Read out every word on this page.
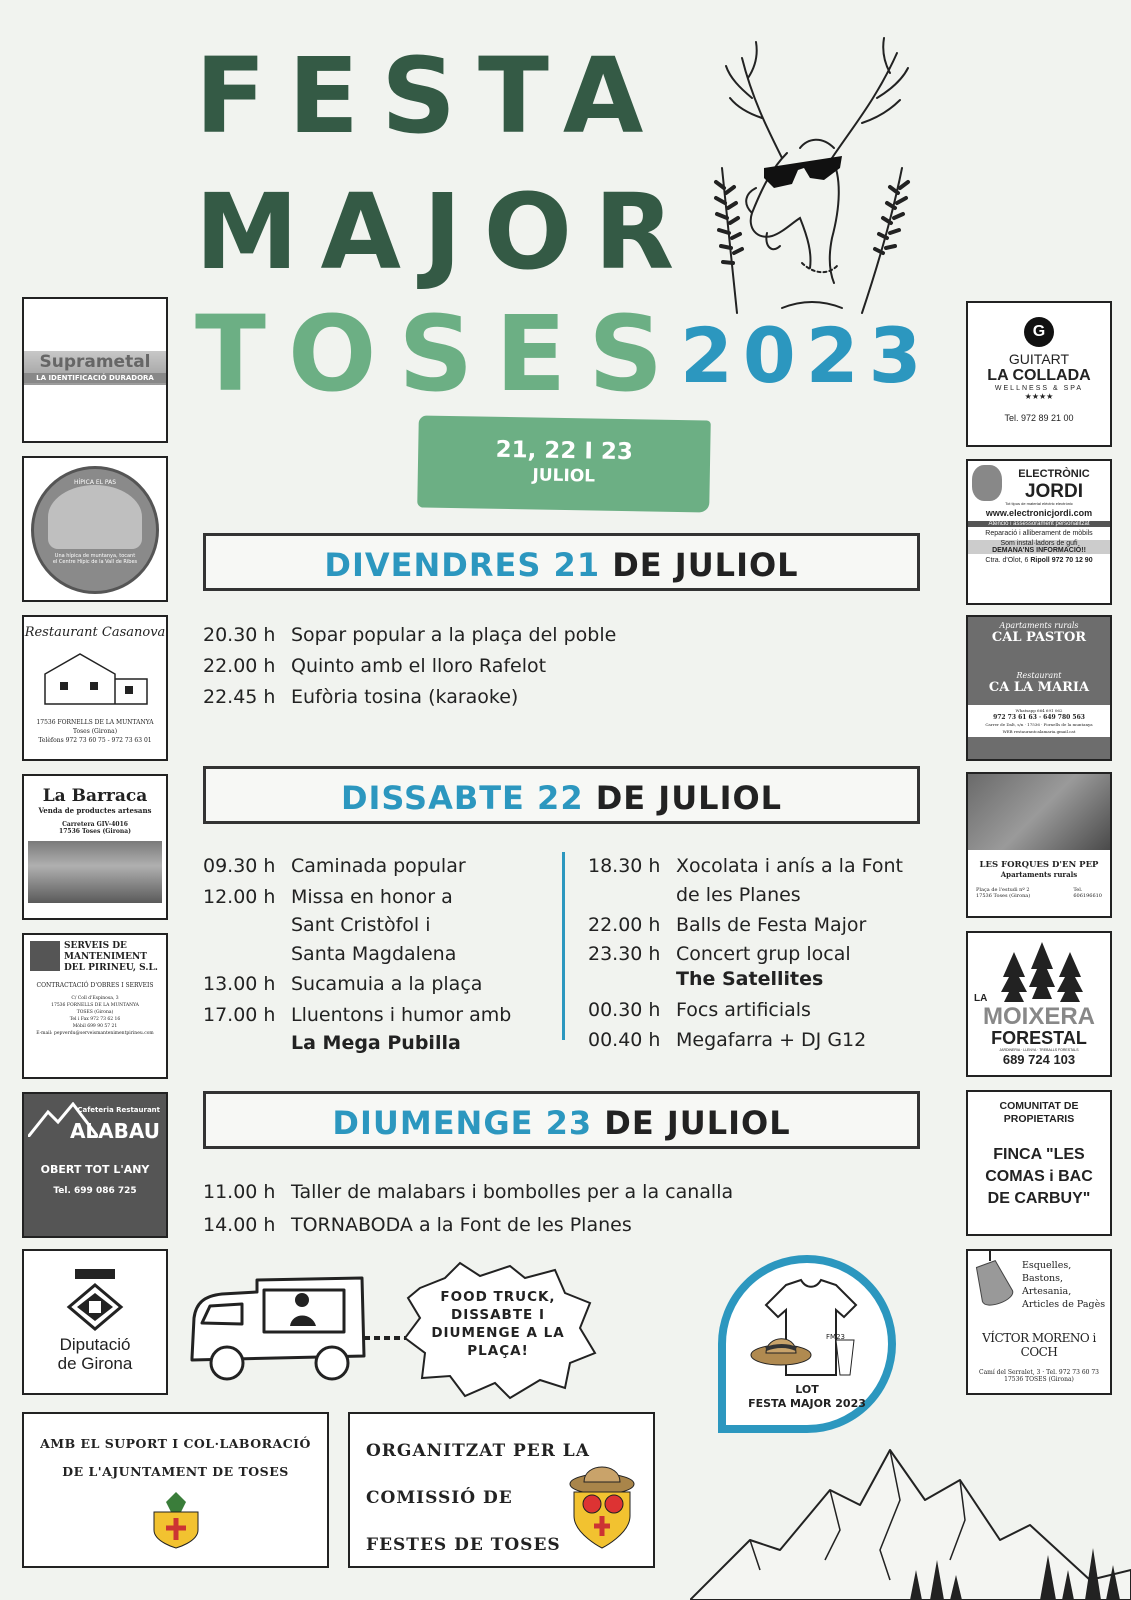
FESTA
MAJOR
TOSES
2023
21, 22 I 23
JULIOL
DIVENDRES 21 DE JULIOL
20.30 h Sopar popular a la plaça del poble
22.00 h Quinto amb el lloro Rafelot
22.45 h Eufòria tosina (karaoke)
DISSABTE 22 DE JULIOL
09.30 h Caminada popular
12.00 h Missa en honor a Sant Cristòfol i Santa Magdalena
13.00 h Sucamuia a la plaça
17.00 h Lluentons i humor amb
La Mega Pubilla
18.30 h Xocolata i anís a la Font de les Planes
22.00 h Balls de Festa Major
23.30 h Concert grup local
The Satellites
00.30 h Focs artificials
00.40 h Megafarra + DJ G12
DIUMENGE 23 DE JULIOL
11.00 h Taller de malabars i bombolles per a la canalla
14.00 h TORNABODA a la Font de les Planes
FOOD TRUCK, DISSABTE I DIUMENGE A LA PLAÇA!
FM23
LOT
FESTA MAJOR 2023
Suprametal
LA IDENTIFICACIÓ DURADORA
HÍPICA EL PAS
Una hípica de muntanya, tocant el Centre Hípic de la Vall de Ribes
Restaurant Casanova
17536 FORNELLS DE LA MUNTANYA
Toses (Girona)
Telèfons 972 73 60 75 - 972 73 63 01
La Barraca
Venda de productes artesans
Carretera GIV-4016
17536 Toses (Girona)
SERVEIS DE MANTENIMENT DEL PIRINEU, S.L.
CONTRACTACIÓ D'OBRES I SERVEIS
C/ Coll d'Espinosa, 3
17536 FORNELLS DE LA MUNTANYA
TOSES (Girona)
Tel i Fax 972 73 62 16
Mòbil 699 90 57 21
E-mail: pepverdu@serveismantenimentpirineu.com
Cafeteria Restaurant
ALABAU
OBERT TOT L'ANY
Tel. 699 086 725
Diputació
de Girona
G
GUITART
LA COLLADA
WELLNESS & SPA
★★★★
Tel. 972 89 21 00
ELECTRÒNIC
JORDI
Tot tipus de material elèctric electrònic
www.electronicjordi.com
Atenció i assessorament personalitzat
Reparació i alliberament de mòbils
Som instal·ladors de gufi
DEMANA'NS INFORMACIÓ!!
Ctra. d'Olot, 6 Ripoll 972 70 12 90
Apartaments rurals
CAL PASTOR
Restaurant
CA LA MARIA
Whatsapp 664 691 062
972 73 61 63 · 649 780 563
Carrer de Dalt, s/n · 17536 · Fornells de la muntanya
WEB restaurantcalamaria.gmail.cat
LES FORQUES D'EN PEP
Apartaments rurals
Plaça de l'estudi nº 2
17536 Toses (Girona)
Tel.
606196610
LA
MOIXERA
FORESTAL
JARDINERIA · LLENYA · TREBALLS FORESTALS
689 724 103
COMUNITAT DE PROPIETARIS
FINCA "LES COMAS i BAC DE CARBUY"
Esquelles,
Bastons,
Artesania,
Articles de Pagès
VÍCTOR MORENO i COCH
Camí del Serralet, 3 · Tel. 972 73 60 73
17536 TOSES (Girona)
AMB EL SUPORT I COL·LABORACIÓ
DE L'AJUNTAMENT DE TOSES
ORGANITZAT PER LA
COMISSIÓ DE
FESTES DE TOSES
